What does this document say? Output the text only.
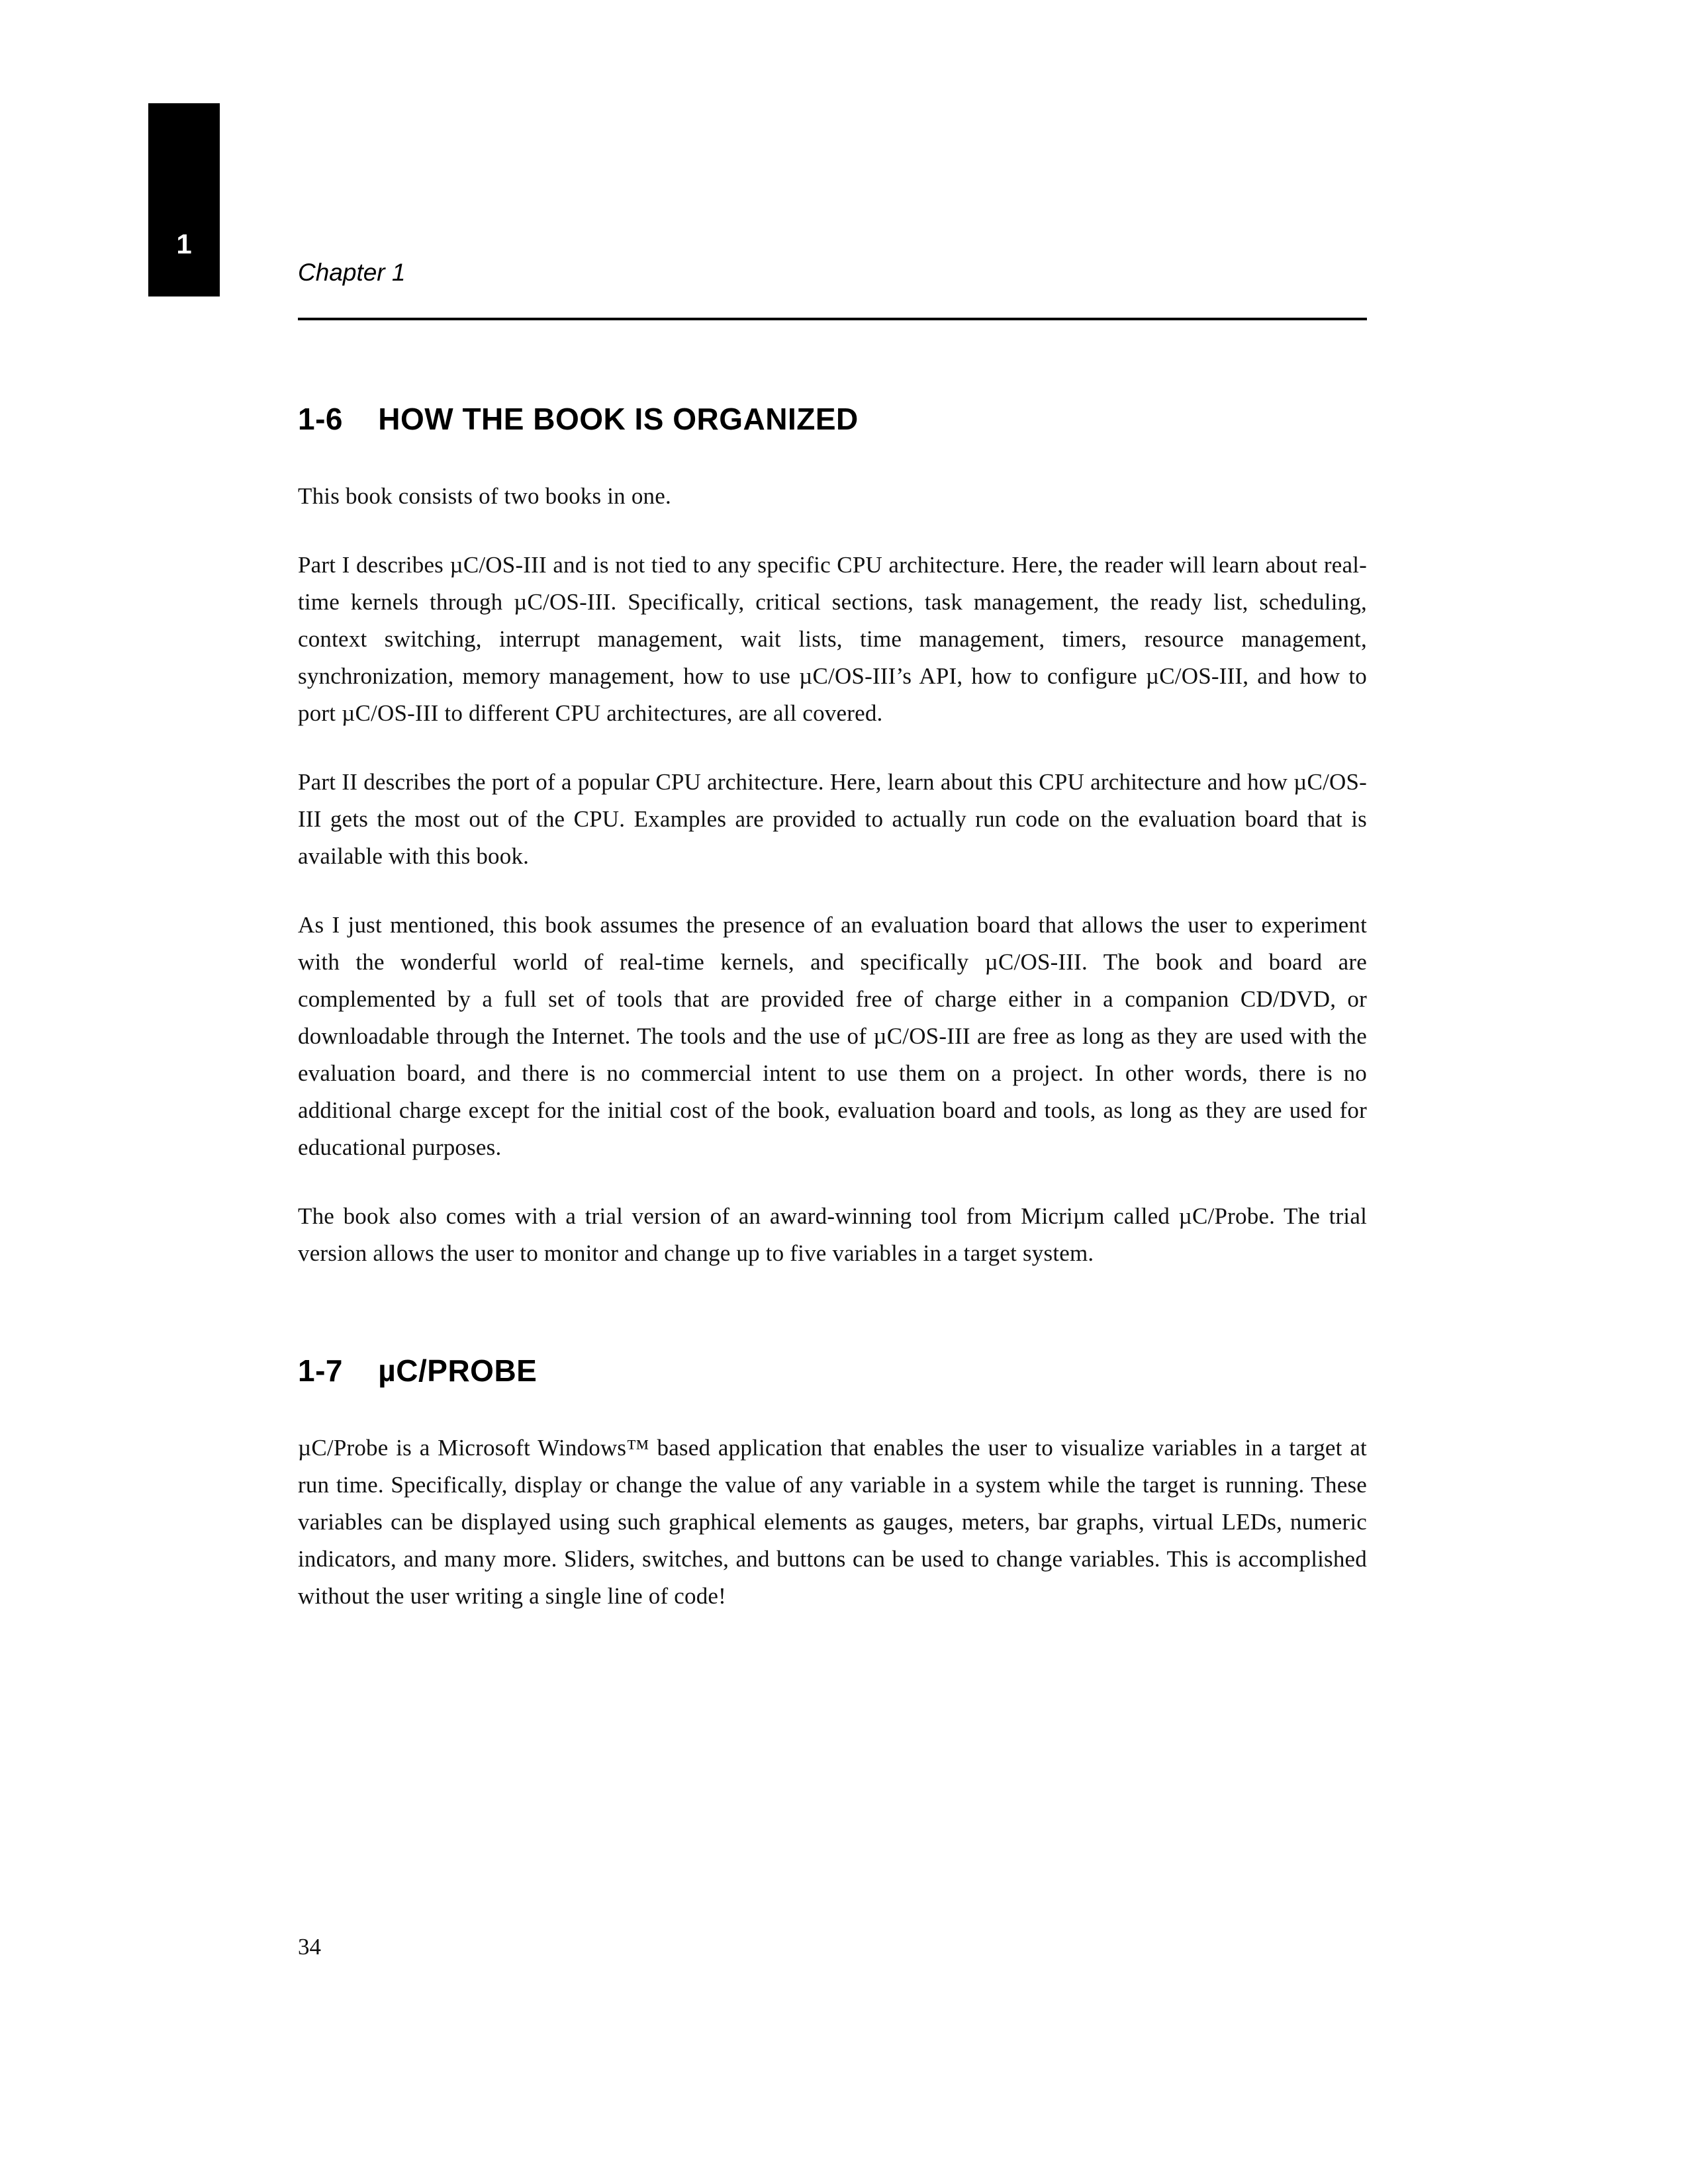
1
Chapter 1
1-6 HOW THE BOOK IS ORGANIZED

This book consists of two books in one.

Part I describes µC/OS-III and is not tied to any specific CPU architecture. Here, the reader will learn about real-time kernels through µC/OS-III. Specifically, critical sections, task management, the ready list, scheduling, context switching, interrupt management, wait lists, time management, timers, resource management, synchronization, memory management, how to use µC/OS-III’s API, how to configure µC/OS-III, and how to port µC/OS-III to different CPU architectures, are all covered.

Part II describes the port of a popular CPU architecture. Here, learn about this CPU architecture and how µC/OS-III gets the most out of the CPU. Examples are provided to actually run code on the evaluation board that is available with this book.

As I just mentioned, this book assumes the presence of an evaluation board that allows the user to experiment with the wonderful world of real-time kernels, and specifically µC/OS-III. The book and board are complemented by a full set of tools that are provided free of charge either in a companion CD/DVD, or downloadable through the Internet. The tools and the use of µC/OS-III are free as long as they are used with the evaluation board, and there is no commercial intent to use them on a project. In other words, there is no additional charge except for the initial cost of the book, evaluation board and tools, as long as they are used for educational purposes.

The book also comes with a trial version of an award-winning tool from Micriµm called µC/Probe. The trial version allows the user to monitor and change up to five variables in a target system.

1-7 µC/PROBE

µC/Probe is a Microsoft Windows™ based application that enables the user to visualize variables in a target at run time. Specifically, display or change the value of any variable in a system while the target is running. These variables can be displayed using such graphical elements as gauges, meters, bar graphs, virtual LEDs, numeric indicators, and many more. Sliders, switches, and buttons can be used to change variables. This is accomplished without the user writing a single line of code!

34
